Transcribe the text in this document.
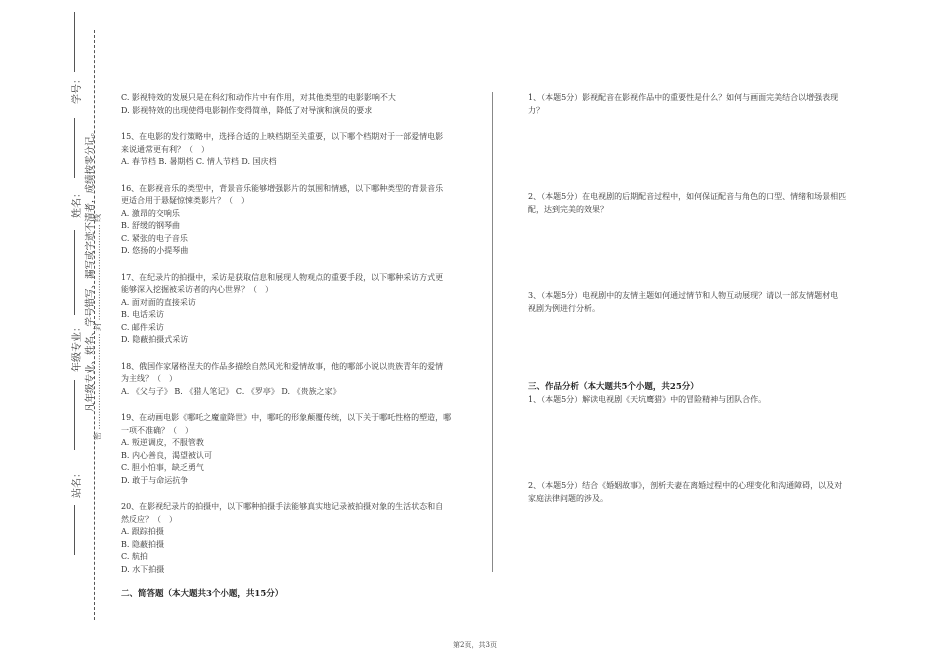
学号：
姓名：
年级专业：
站名：
凡年级专业、姓名、学号错写、漏写或字迹不清者，成绩按零分记。
密 ……………………………… 封 ……………………………… 线

C. 影视特效的发展只是在科幻和动作片中有作用，对其他类型的电影影响不大

D. 影视特效的出现使得电影制作变得简单，降低了对导演和演员的要求

15、在电影的发行策略中，选择合适的上映档期至关重要，以下哪个档期对于一部爱情电影

来说通常更有利？（　）

A. 春节档 B. 暑期档 C. 情人节档 D. 国庆档

16、在影视音乐的类型中，背景音乐能够增强影片的氛围和情感，以下哪种类型的背景音乐

更适合用于悬疑惊悚类影片？（　）

A. 激昂的交响乐

B. 舒缓的钢琴曲

C. 紧张的电子音乐

D. 悠扬的小提琴曲

17、在纪录片的拍摄中，采访是获取信息和展现人物观点的重要手段，以下哪种采访方式更

能够深入挖掘被采访者的内心世界？（　）

A. 面对面的直接采访

B. 电话采访

C. 邮件采访

D. 隐蔽拍摄式采访

18、俄国作家屠格涅夫的作品多描绘自然风光和爱情故事，他的哪部小说以贵族青年的爱情

为主线？（　）

A. 《父与子》 B. 《猎人笔记》 C. 《罗亭》 D. 《贵族之家》

19、在动画电影《哪吒之魔童降世》中，哪吒的形象颠覆传统，以下关于哪吒性格的塑造，哪

一项不准确？（　）

A. 叛逆调皮，不服管教

B. 内心善良，渴望被认可

C. 胆小怕事，缺乏勇气

D. 敢于与命运抗争

20、在影视纪录片的拍摄中，以下哪种拍摄手法能够真实地记录被拍摄对象的生活状态和自

然反应？（　）

A. 跟踪拍摄

B. 隐蔽拍摄

C. 航拍

D. 水下拍摄

二、简答题（本大题共3个小题，共15分）

1、（本题5分）影视配音在影视作品中的重要性是什么？如何与画面完美结合以增强表现

力？

2、（本题5分）在电视剧的后期配音过程中，如何保证配音与角色的口型、情绪和场景相匹

配，达到完美的效果？

3、（本题5分）电视剧中的友情主题如何通过情节和人物互动展现？请以一部友情题材电

视剧为例进行分析。

三、作品分析（本大题共5个小题，共25分）

1、（本题5分）解读电视剧《天坑鹰猎》中的冒险精神与团队合作。

2、（本题5分）结合《婚姻故事》，剖析夫妻在离婚过程中的心理变化和沟通障碍，以及对

家庭法律问题的涉及。

第2页，共3页
